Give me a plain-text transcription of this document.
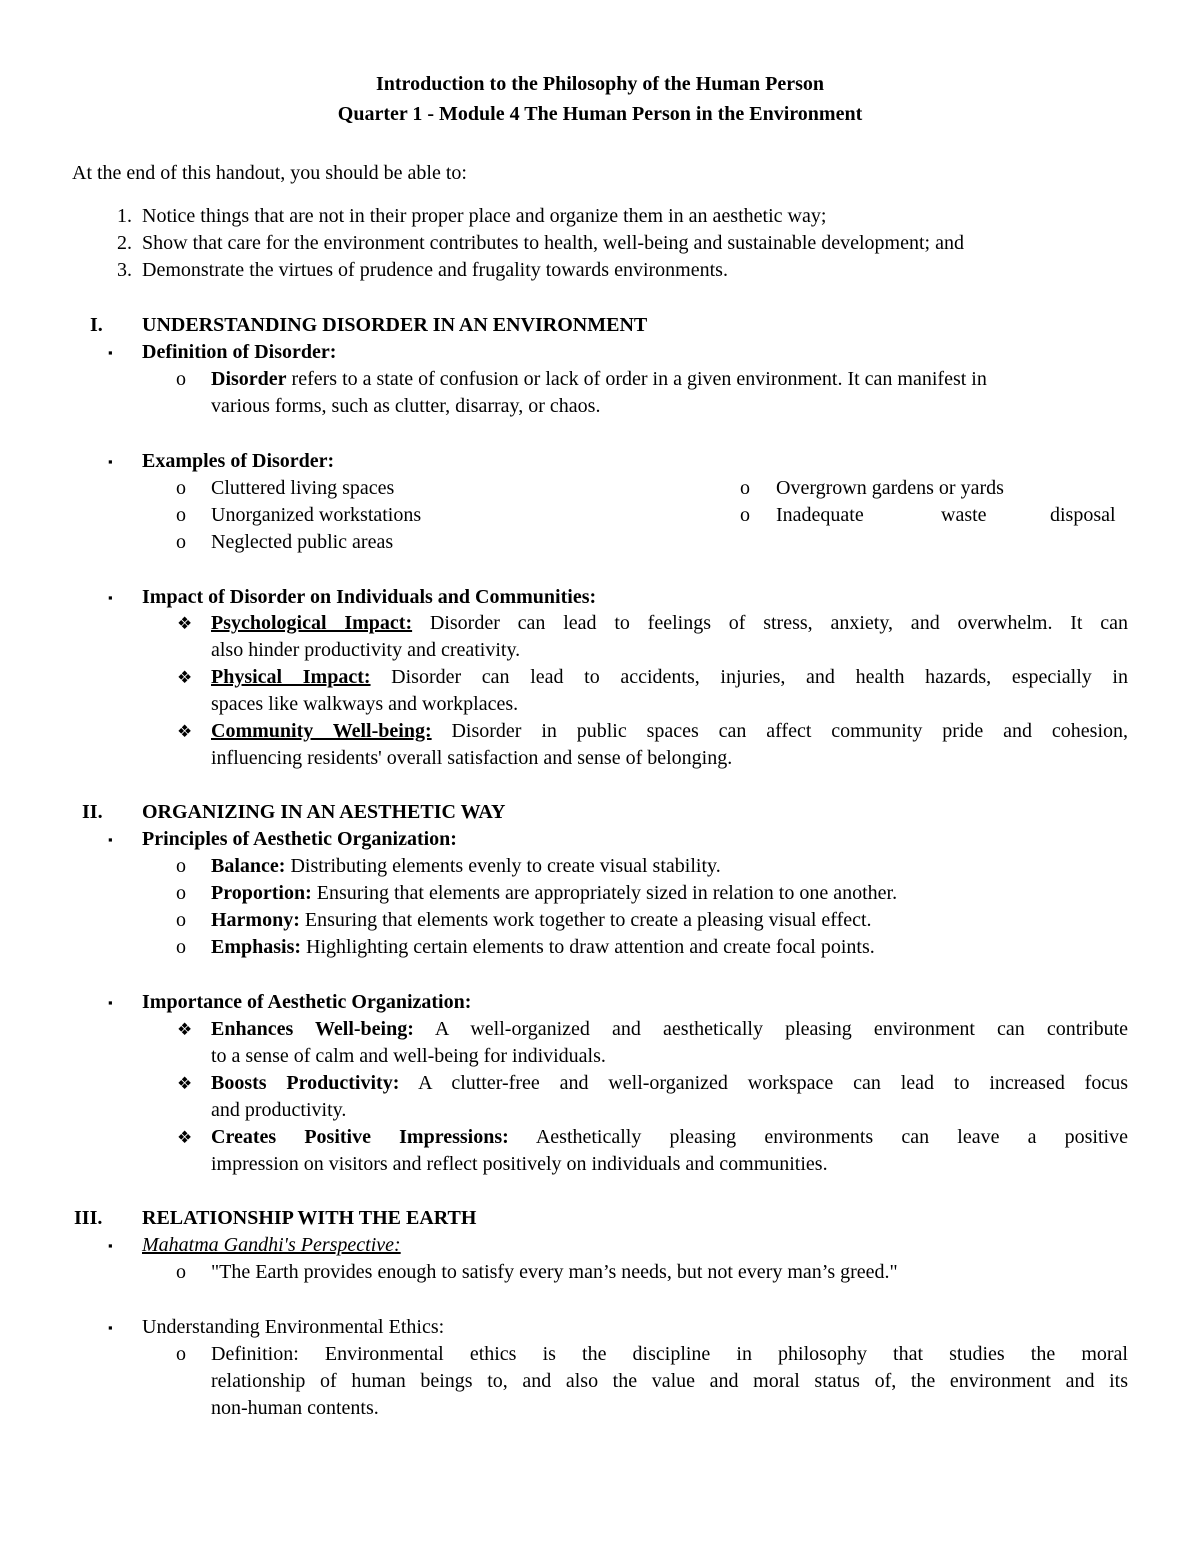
Introduction to the Philosophy of the Human Person
Quarter 1 - Module 4 The Human Person in the Environment
At the end of this handout, you should be able to:
1. Notice things that are not in their proper place and organize them in an aesthetic way;
2. Show that care for the environment contributes to health, well-being and sustainable development; and
3. Demonstrate the virtues of prudence and frugality towards environments.
I. UNDERSTANDING DISORDER IN AN ENVIRONMENT
▪ Definition of Disorder:
o Disorder refers to a state of confusion or lack of order in a given environment. It can manifest in
various forms, such as clutter, disarray, or chaos.
▪ Examples of Disorder:
o Cluttered living spaces
o Unorganized workstations
o Neglected public areas
o Overgrown gardens or yards
o Inadequate	waste	disposal
▪ Impact of Disorder on Individuals and Communities:
❖ Psychological Impact: Disorder can lead to feelings of stress, anxiety, and overwhelm. It can
also hinder productivity and creativity.
❖ Physical Impact: Disorder can lead to accidents, injuries, and health hazards, especially in
spaces like walkways and workplaces.
❖ Community Well-being: Disorder in public spaces can affect community pride and cohesion,
influencing residents' overall satisfaction and sense of belonging.
II. ORGANIZING IN AN AESTHETIC WAY
▪ Principles of Aesthetic Organization:
o Balance: Distributing elements evenly to create visual stability.
o Proportion: Ensuring that elements are appropriately sized in relation to one another.
o Harmony: Ensuring that elements work together to create a pleasing visual effect.
o Emphasis: Highlighting certain elements to draw attention and create focal points.
▪ Importance of Aesthetic Organization:
❖ Enhances Well-being: A well-organized and aesthetically pleasing environment can contribute
to a sense of calm and well-being for individuals.
❖ Boosts Productivity: A clutter-free and well-organized workspace can lead to increased focus
and productivity.
❖ Creates Positive Impressions: Aesthetically pleasing environments can leave a positive
impression on visitors and reflect positively on individuals and communities.
III. RELATIONSHIP WITH THE EARTH
▪ Mahatma Gandhi's Perspective:
o "The Earth provides enough to satisfy every man’s needs, but not every man’s greed."
▪ Understanding Environmental Ethics:
o Definition: Environmental ethics is the discipline in philosophy that studies the moral
relationship of human beings to, and also the value and moral status of, the environment and its
non-human contents.
